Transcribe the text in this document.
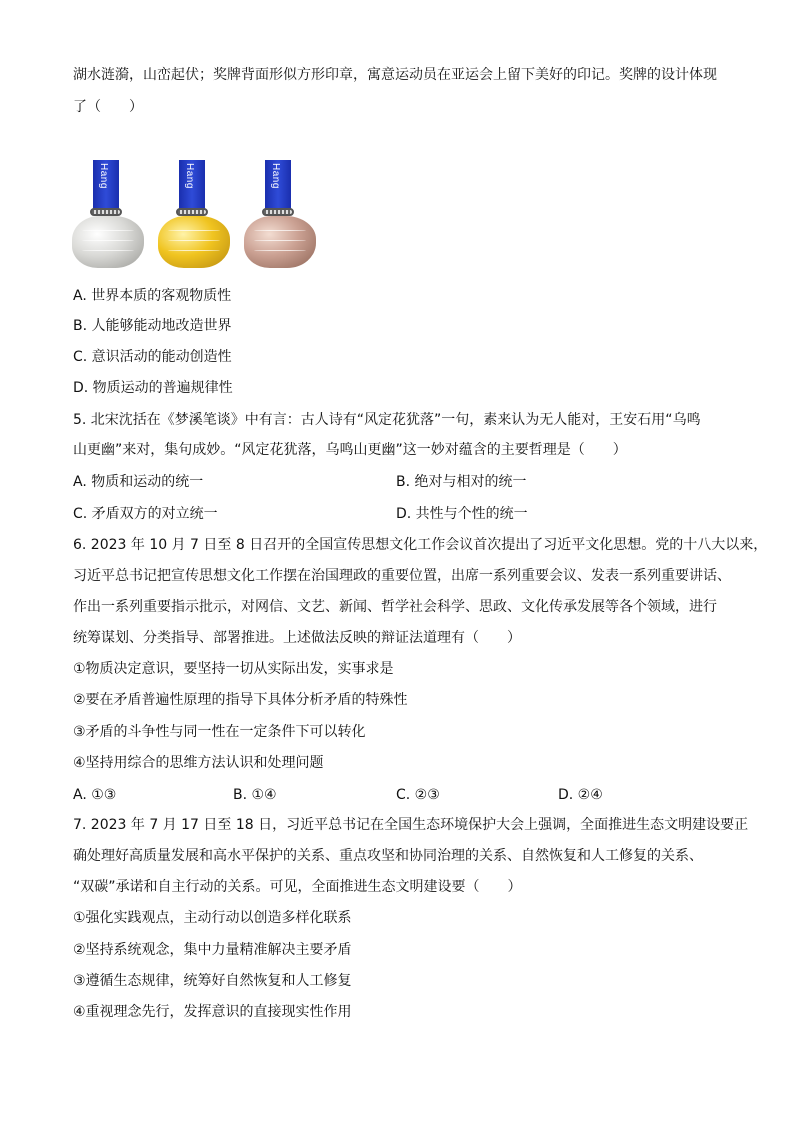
湖水涟漪，山峦起伏；奖牌背面形似方形印章，寓意运动员在亚运会上留下美好的印记。奖牌的设计体现
了（　　）
Hang	Hang	Hang
A. 世界本质的客观物质性
B. 人能够能动地改造世界
C. 意识活动的能动创造性
D. 物质运动的普遍规律性
5. 北宋沈括在《梦溪笔谈》中有言：古人诗有“风定花犹落”一句，素来认为无人能对，王安石用“乌鸣
山更幽”来对，集句成妙。“风定花犹落，乌鸣山更幽”这一妙对蕴含的主要哲理是（　　）
A. 物质和运动的统一	B. 绝对与相对的统一
C. 矛盾双方的对立统一	D. 共性与个性的统一
6. 2023 年 10 月 7 日至 8 日召开的全国宣传思想文化工作会议首次提出了习近平文化思想。党的十八大以来，
习近平总书记把宣传思想文化工作摆在治国理政的重要位置，出席一系列重要会议、发表一系列重要讲话、
作出一系列重要指示批示，对网信、文艺、新闻、哲学社会科学、思政、文化传承发展等各个领域，进行
统筹谋划、分类指导、部署推进。上述做法反映的辩证法道理有（　　）
①物质决定意识，要坚持一切从实际出发，实事求是
②要在矛盾普遍性原理的指导下具体分析矛盾的特殊性
③矛盾的斗争性与同一性在一定条件下可以转化
④坚持用综合的思维方法认识和处理问题
A. ①③	B. ①④	C. ②③	D. ②④
7. 2023 年 7 月 17 日至 18 日，习近平总书记在全国生态环境保护大会上强调，全面推进生态文明建设要正
确处理好高质量发展和高水平保护的关系、重点攻坚和协同治理的关系、自然恢复和人工修复的关系、
“双碳”承诺和自主行动的关系。可见，全面推进生态文明建设要（　　）
①强化实践观点，主动行动以创造多样化联系
②坚持系统观念，集中力量精准解决主要矛盾
③遵循生态规律，统筹好自然恢复和人工修复
④重视理念先行，发挥意识的直接现实性作用
